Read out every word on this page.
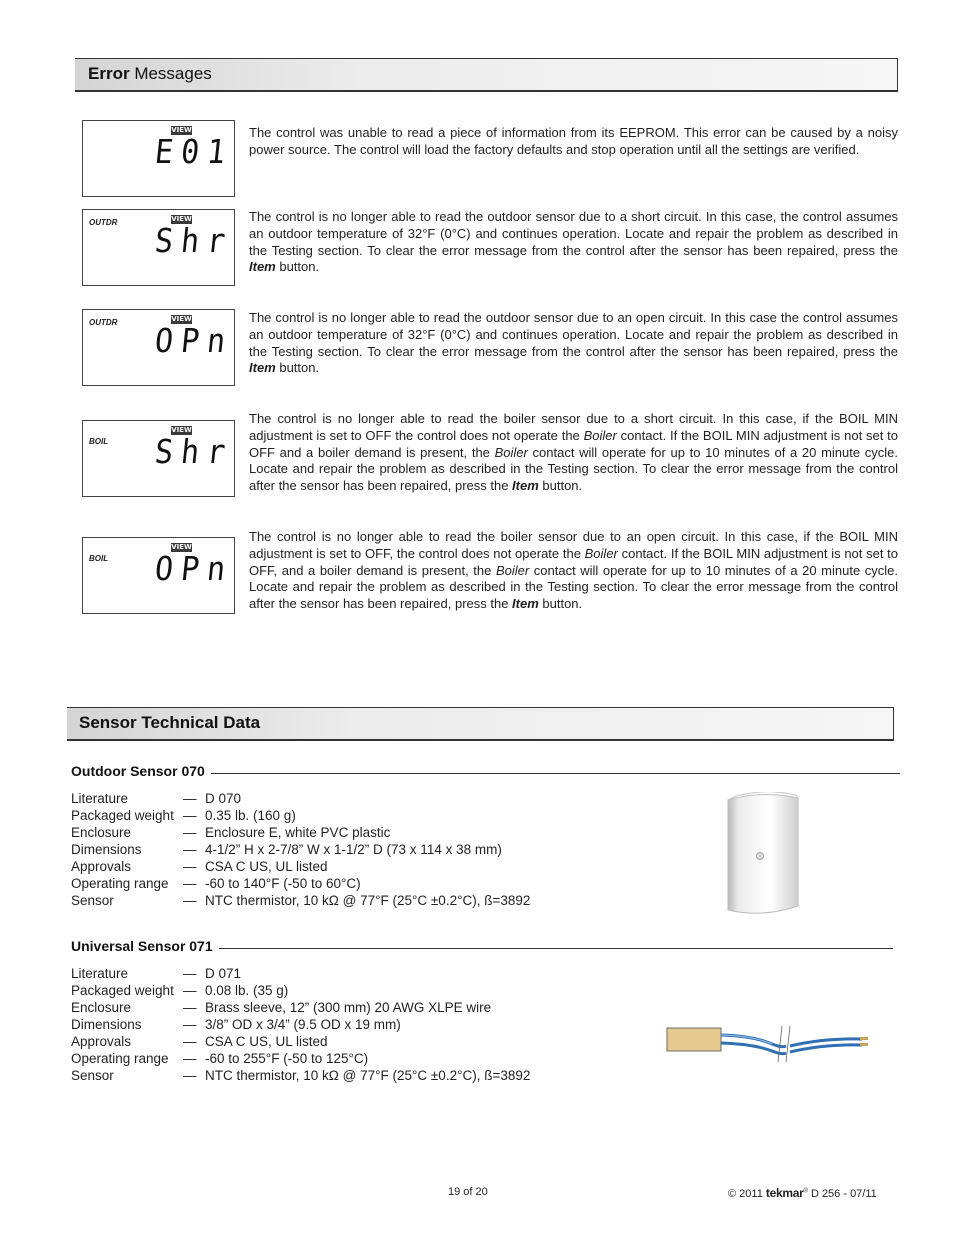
Error Messages
VIEW
E01

The control was unable to read a piece of information from its EEPROM. This error can be caused by a noisy power source. The control will load the factory defaults and stop operation until all the settings are verified.

OUTDR	VIEW
Shr

The control is no longer able to read the outdoor sensor due to a short circuit. In this case, the control assumes an outdoor temperature of 32°F (0°C) and continues operation. Locate and repair the problem as described in the Testing section. To clear the error message from the control after the sensor has been repaired, press the Item button.

OUTDR	VIEW
OPn

The control is no longer able to read the outdoor sensor due to an open circuit. In this case the control assumes an outdoor temperature of 32°F (0°C) and continues operation. Locate and repair the problem as described in the Testing section. To clear the error message from the control after the sensor has been repaired, press the Item button.

BOIL
VIEW
Shr

The control is no longer able to read the boiler sensor due to a short circuit. In this case, if the BOIL MIN adjustment is set to OFF the control does not operate the Boiler contact. If the BOIL MIN adjustment is not set to OFF and a boiler demand is present, the Boiler contact will operate for up to 10 minutes of a 20 minute cycle. Locate and repair the problem as described in the Testing section. To clear the error message from the control after the sensor has been repaired, press the Item button.

BOIL
VIEW
OPn

The control is no longer able to read the boiler sensor due to an open circuit. In this case, if the BOIL MIN adjustment is set to OFF, the control does not operate the Boiler contact. If the BOIL MIN adjustment is not set to OFF, and a boiler demand is present, the Boiler contact will operate for up to 10 minutes of a 20 minute cycle. Locate and repair the problem as described in the Testing section. To clear the error message from the control after the sensor has been repaired, press the Item button.

Sensor Technical Data
Outdoor Sensor 070
Literature	— D 070
Packaged weight — 0.35 lb. (160 g)
Enclosure	— Enclosure E, white PVC plastic
Dimensions	— 4-1/2” H x 2-7/8” W x 1-1/2” D (73 x 114 x 38 mm)
Approvals	— CSA C US, UL listed
Operating range	— -60 to 140°F (-50 to 60°C)
Sensor	— NTC thermistor, 10 kΩ @ 77°F (25°C ±0.2°C), ß=3892
Universal Sensor 071
Literature	— D 071
Packaged weight — 0.08 lb. (35 g)
Enclosure	— Brass sleeve, 12” (300 mm) 20 AWG XLPE wire
Dimensions	— 3/8” OD x 3/4” (9.5 OD x 19 mm)
Approvals	— CSA C US, UL listed
Operating range	— -60 to 255°F (-50 to 125°C)
Sensor	— NTC thermistor, 10 kΩ @ 77°F (25°C ±0.2°C), ß=3892
19 of 20	© 2011 tekmar® D 256 - 07/11
